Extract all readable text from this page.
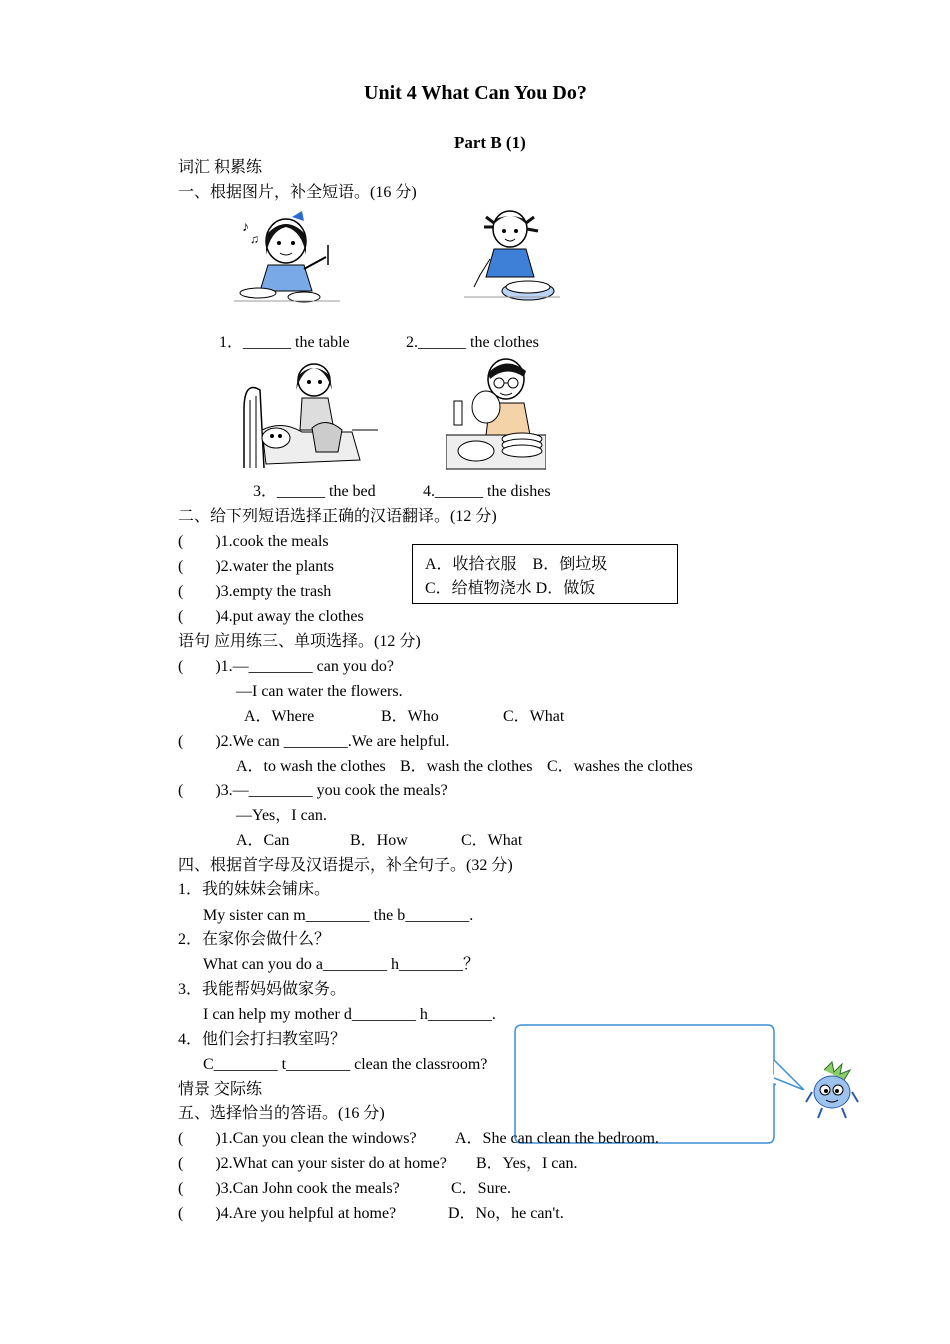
Unit 4 What Can You Do?
Part B (1)
词汇 积累练
一、根据图片，补全短语。(16 分)
♪
♫
1．______ the table	2.______ the clothes
3．______ the bed	4.______ the dishes
二、给下列短语选择正确的汉语翻译。(12 分)
(　　)1.cook the meals
(　　)2.water the plants
(　　)3.empty the trash
(　　)4.put away the clothes
A．收拾衣服　B．倒垃圾
C．给植物浇水 D．做饭
语句 应用练三、单项选择。(12 分)
(　　)1.—________ can you do?
—I can water the flowers.
A．Where	B．Who	C．What
(　　)2.We can ________.We are helpful.
A．to wash the clothes B．wash the clothes C．washes the clothes
(　　)3.—________ you cook the meals?
—Yes，I can.
A．Can	B．How	C．What
四、根据首字母及汉语提示，补全句子。(32 分)
1．我的妹妹会铺床。
My sister can m________ the b________.
2．在家你会做什么？
What can you do a________ h________？
3．我能帮妈妈做家务。
I can help my mother d________ h________.
4．他们会打扫教室吗？
C________ t________ clean the classroom?
情景 交际练
五、选择恰当的答语。(16 分)
(　　)1.Can you clean the windows? A．She can clean the bedroom.
(　　)2.What can your sister do at home? B．Yes，I can.
(　　)3.Can John cook the meals?	C．Sure.
(　　)4.Are you helpful at home?	D．No，he can't.
